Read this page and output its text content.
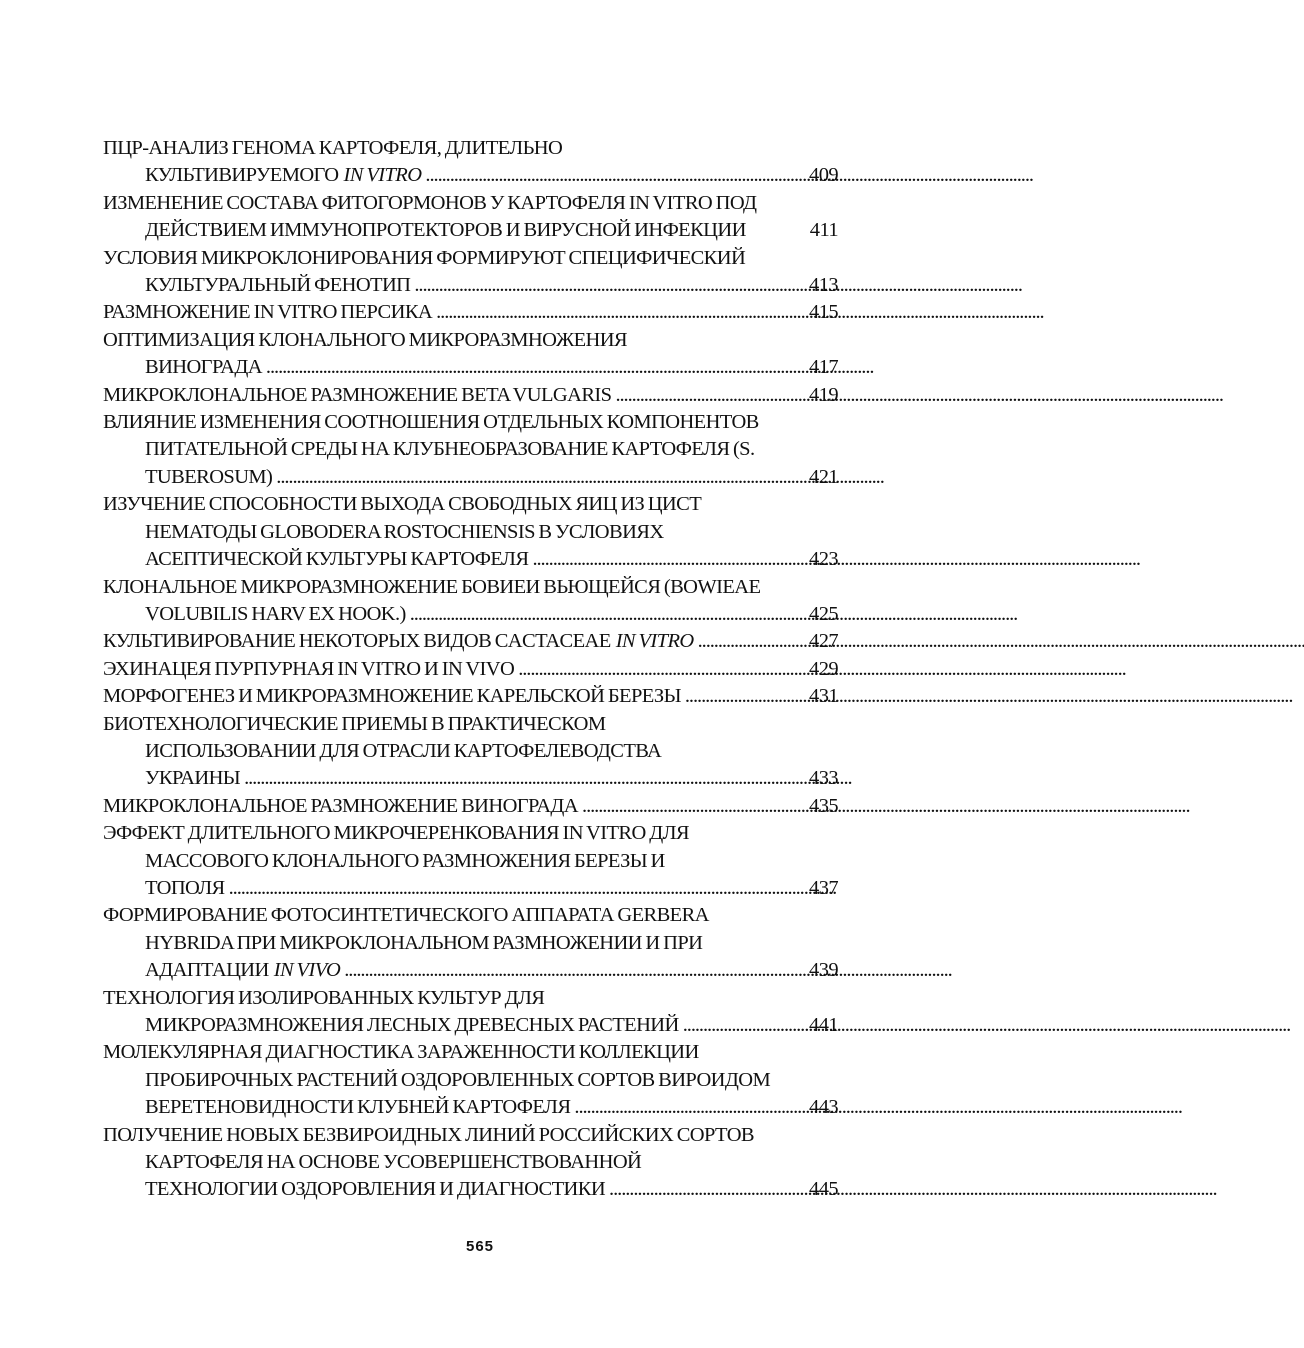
ПЦР-АНАЛИЗ ГЕНОМА КАРТОФЕЛЯ, ДЛИТЕЛЬНО
КУЛЬТИВИРУЕМОГО IN VITRO . . .	409
ИЗМЕНЕНИЕ СОСТАВА ФИТОГОРМОНОВ У КАРТОФЕЛЯ IN VITRO ПОД
ДЕЙСТВИЕМ ИММУНОПРОТЕКТОРОВ И ВИРУСНОЙ ИНФЕКЦИИ	411
УСЛОВИЯ МИКРОКЛОНИРОВАНИЯ ФОРМИРУЮТ СПЕЦИФИЧЕСКИЙ
КУЛЬТУРАЛЬНЫЙ ФЕНОТИП . . .	413
РАЗМНОЖЕНИЕ IN VITRO ПЕРСИКА . . .	415
ОПТИМИЗАЦИЯ КЛОНАЛЬНОГО МИКРОРАЗМНОЖЕНИЯ
ВИНОГРАДА . . .	417
МИКРОКЛОНАЛЬНОЕ РАЗМНОЖЕНИЕ BETA VULGARIS . . .	419
ВЛИЯНИЕ ИЗМЕНЕНИЯ СООТНОШЕНИЯ ОТДЕЛЬНЫХ КОМПОНЕНТОВ
ПИТАТЕЛЬНОЙ СРЕДЫ НА КЛУБНЕОБРАЗОВАНИЕ КАРТОФЕЛЯ (S.
TUBEROSUM) . . .	421
ИЗУЧЕНИЕ СПОСОБНОСТИ ВЫХОДА СВОБОДНЫХ ЯИЦ ИЗ ЦИСТ
НЕМАТОДЫ GLOBODERA ROSTOCHIENSIS В УСЛОВИЯХ
АСЕПТИЧЕСКОЙ КУЛЬТУРЫ КАРТОФЕЛЯ . . .	423
КЛОНАЛЬНОЕ МИКРОРАЗМНОЖЕНИЕ БОВИЕИ ВЬЮЩЕЙСЯ (BOWIEAE
VOLUBILIS HARV EX HOOK.) . . .	425
КУЛЬТИВИРОВАНИЕ НЕКОТОРЫХ ВИДОВ CACTACEAE IN VITRO . . .	427
ЭХИНАЦЕЯ ПУРПУРНАЯ IN VITRO И IN VIVO . . .	429
МОРФОГЕНЕЗ И МИКРОРАЗМНОЖЕНИЕ КАРЕЛЬСКОЙ БЕРЕЗЫ . . .	431
БИОТЕХНОЛОГИЧЕСКИЕ ПРИЕМЫ В ПРАКТИЧЕСКОМ
ИСПОЛЬЗОВАНИИ ДЛЯ ОТРАСЛИ КАРТОФЕЛЕВОДСТВА
УКРАИНЫ . . .	433
МИКРОКЛОНАЛЬНОЕ РАЗМНОЖЕНИЕ ВИНОГРАДА . . .	435
ЭФФЕКТ ДЛИТЕЛЬНОГО МИКРОЧЕРЕНКОВАНИЯ IN VITRO ДЛЯ
МАССОВОГО КЛОНАЛЬНОГО РАЗМНОЖЕНИЯ БЕРЕЗЫ И
ТОПОЛЯ . . .	437
ФОРМИРОВАНИЕ ФОТОСИНТЕТИЧЕСКОГО АППАРАТА GERBERA
HYBRIDA ПРИ МИКРОКЛОНАЛЬНОМ РАЗМНОЖЕНИИ И ПРИ
АДАПТАЦИИ IN VIVO . . .	439
ТЕХНОЛОГИЯ ИЗОЛИРОВАННЫХ КУЛЬТУР ДЛЯ
МИКРОРАЗМНОЖЕНИЯ ЛЕСНЫХ ДРЕВЕСНЫХ РАСТЕНИЙ . . .	441
МОЛЕКУЛЯРНАЯ ДИАГНОСТИКА ЗАРАЖЕННОСТИ КОЛЛЕКЦИИ
ПРОБИРОЧНЫХ РАСТЕНИЙ ОЗДОРОВЛЕННЫХ СОРТОВ ВИРОИДОМ
ВЕРЕТЕНОВИДНОСТИ КЛУБНЕЙ КАРТОФЕЛЯ . . .	443
ПОЛУЧЕНИЕ НОВЫХ БЕЗВИРОИДНЫХ ЛИНИЙ РОССИЙСКИХ СОРТОВ
КАРТОФЕЛЯ НА ОСНОВЕ УСОВЕРШЕНСТВОВАННОЙ
ТЕХНОЛОГИИ ОЗДОРОВЛЕНИЯ И ДИАГНОСТИКИ . . .	445
565
